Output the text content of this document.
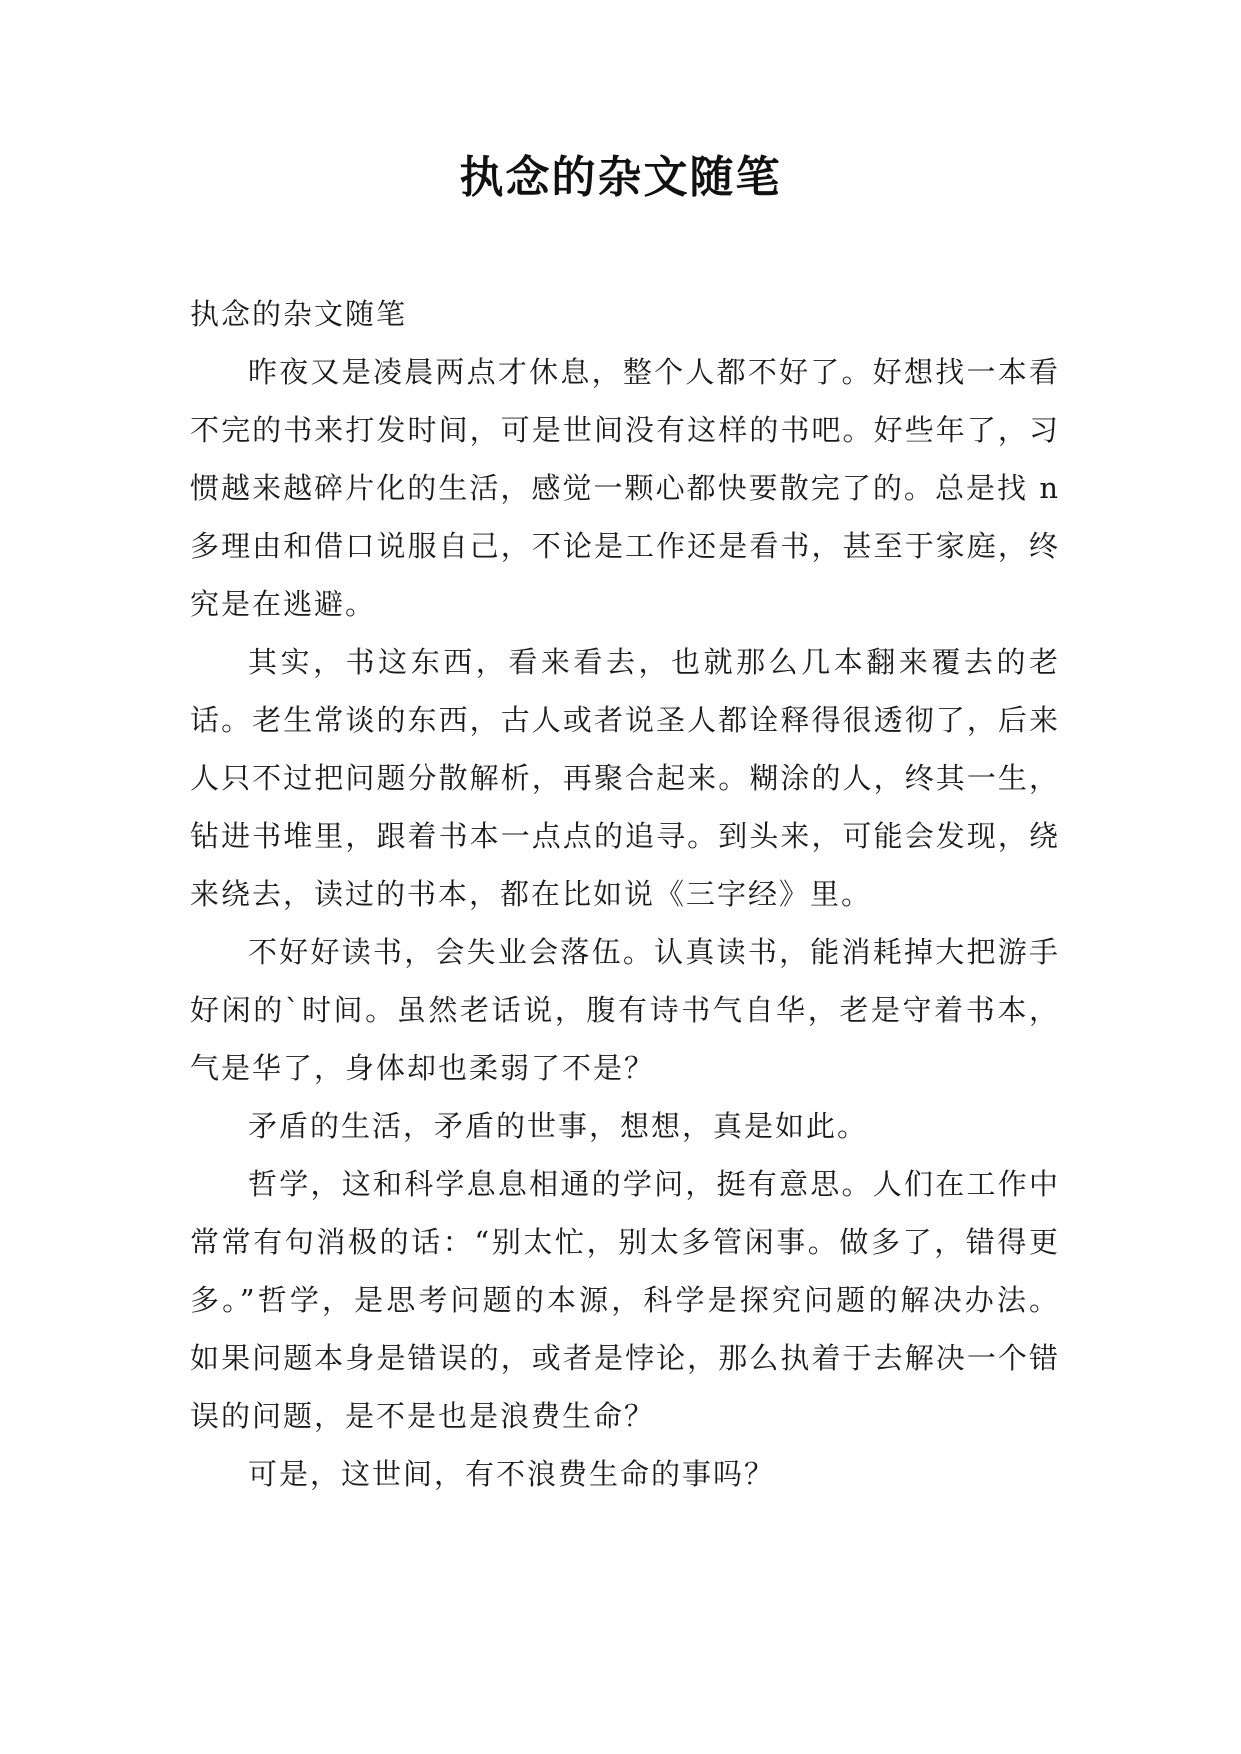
执念的杂文随笔

执念的杂文随笔

昨夜又是凌晨两点才休息，整个人都不好了。好想找一本看不完的书来打发时间，可是世间没有这样的书吧。好些年了，习惯越来越碎片化的生活，感觉一颗心都快要散完了的。总是找 n 多理由和借口说服自己，不论是工作还是看书，甚至于家庭，终究是在逃避。

其实，书这东西，看来看去，也就那么几本翻来覆去的老话。老生常谈的东西，古人或者说圣人都诠释得很透彻了，后来人只不过把问题分散解析，再聚合起来。糊涂的人，终其一生，钻进书堆里，跟着书本一点点的追寻。到头来，可能会发现，绕来绕去，读过的书本，都在比如说《三字经》里。

不好好读书，会失业会落伍。认真读书，能消耗掉大把游手好闲的`时间。虽然老话说，腹有诗书气自华，老是守着书本，气是华了，身体却也柔弱了不是？

矛盾的生活，矛盾的世事，想想，真是如此。

哲学，这和科学息息相通的学问，挺有意思。人们在工作中常常有句消极的话：“别太忙，别太多管闲事。做多了，错得更多。”哲学，是思考问题的本源，科学是探究问题的解决办法。如果问题本身是错误的，或者是悖论，那么执着于去解决一个错误的问题，是不是也是浪费生命？

可是，这世间，有不浪费生命的事吗？
